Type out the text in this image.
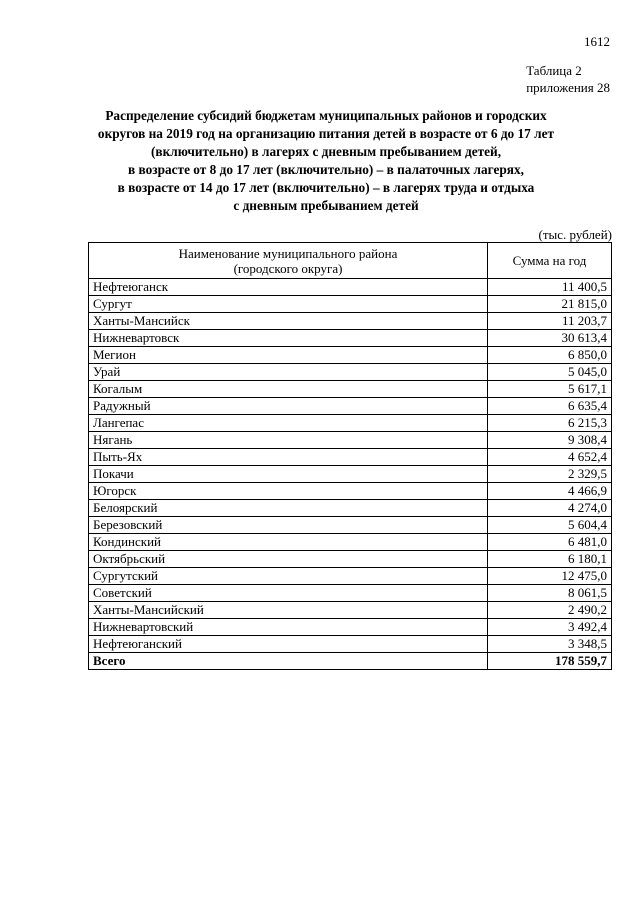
1612
Таблица 2
приложения 28
Распределение субсидий бюджетам муниципальных районов и городских
округов на 2019 год на организацию питания детей в возрасте от 6 до 17 лет
(включительно) в лагерях с дневным пребыванием детей,
в возрасте от 8 до 17 лет (включительно) – в палаточных лагерях,
в возрасте от 14 до 17 лет (включительно) – в лагерях труда и отдыха
с дневным пребыванием детей
(тыс. рублей)
Наименование муниципального района
(городского округа)	Сумма на год
Нефтеюганск	11 400,5
Сургут	21 815,0
Ханты-Мансийск	11 203,7
Нижневартовск	30 613,4
Мегион	6 850,0
Урай	5 045,0
Когалым	5 617,1
Радужный	6 635,4
Лангепас	6 215,3
Нягань	9 308,4
Пыть-Ях	4 652,4
Покачи	2 329,5
Югорск	4 466,9
Белоярский	4 274,0
Березовский	5 604,4
Кондинский	6 481,0
Октябрьский	6 180,1
Сургутский	12 475,0
Советский	8 061,5
Ханты-Мансийский	2 490,2
Нижневартовский	3 492,4
Нефтеюганский	3 348,5
Всего	178 559,7
